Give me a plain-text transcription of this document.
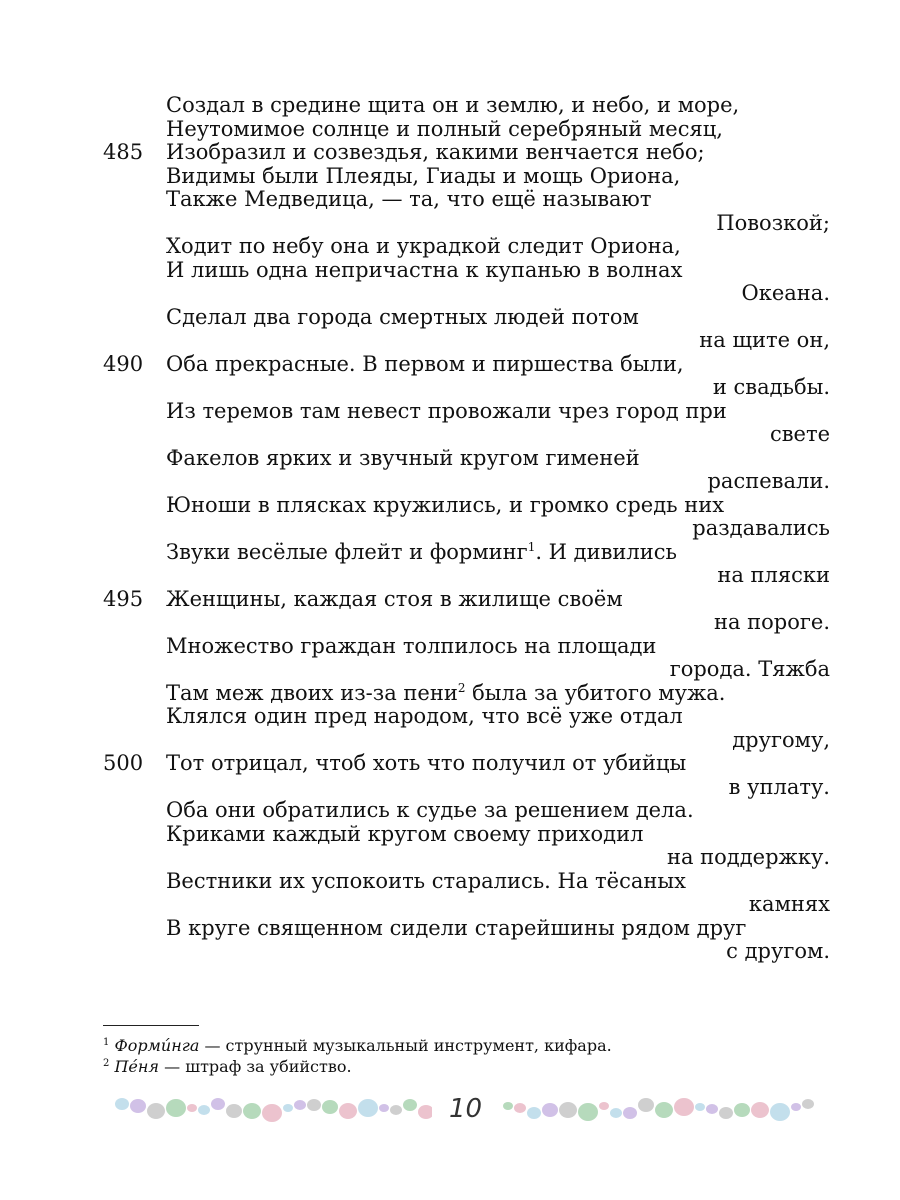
Создал в средине щита он и землю, и небо, и море,
Неутомимое солнце и полный серебряный месяц,
485 Изобразил и созвездья, какими венчается небо;
Видимы были Плеяды, Гиады и мощь Ориона,
Также Медведица, — та, что ещё называют
Повозкой;
Ходит по небу она и украдкой следит Ориона,
И лишь одна непричастна к купанью в волнах
Океана.
Сделал два города смертных людей потом
на щите он,
490 Оба прекрасные. В первом и пиршества были,
и свадьбы.
Из теремов там невест провожали чрез город при
свете
Факелов ярких и звучный кругом гименей
распевали.
Юноши в плясках кружились, и громко средь них
раздавались
Звуки весёлые флейт и форминг$^1$. И дивились
на пляски
495 Женщины, каждая стоя в жилище своём
на пороге.
Множество граждан толпилось на площади
города. Тяжба
Там меж двоих из-за пени$^2$ была за убитого мужа.
Клялся один пред народом, что всё уже отдал
другому,
500 Тот отрицал, чтоб хоть что получил от убийцы
в уплату.
Оба они обратились к судье за решением дела.
Криками каждый кругом своему приходил
на поддержку.
Вестники их успокоить старались. На тёсаных
камнях
В круге священном сидели старейшины рядом друг
с другом.
$^1$ Форми́нга — струнный музыкальный инструмент, кифара.
$^2$ Пе́ня — штраф за убийство.
10
